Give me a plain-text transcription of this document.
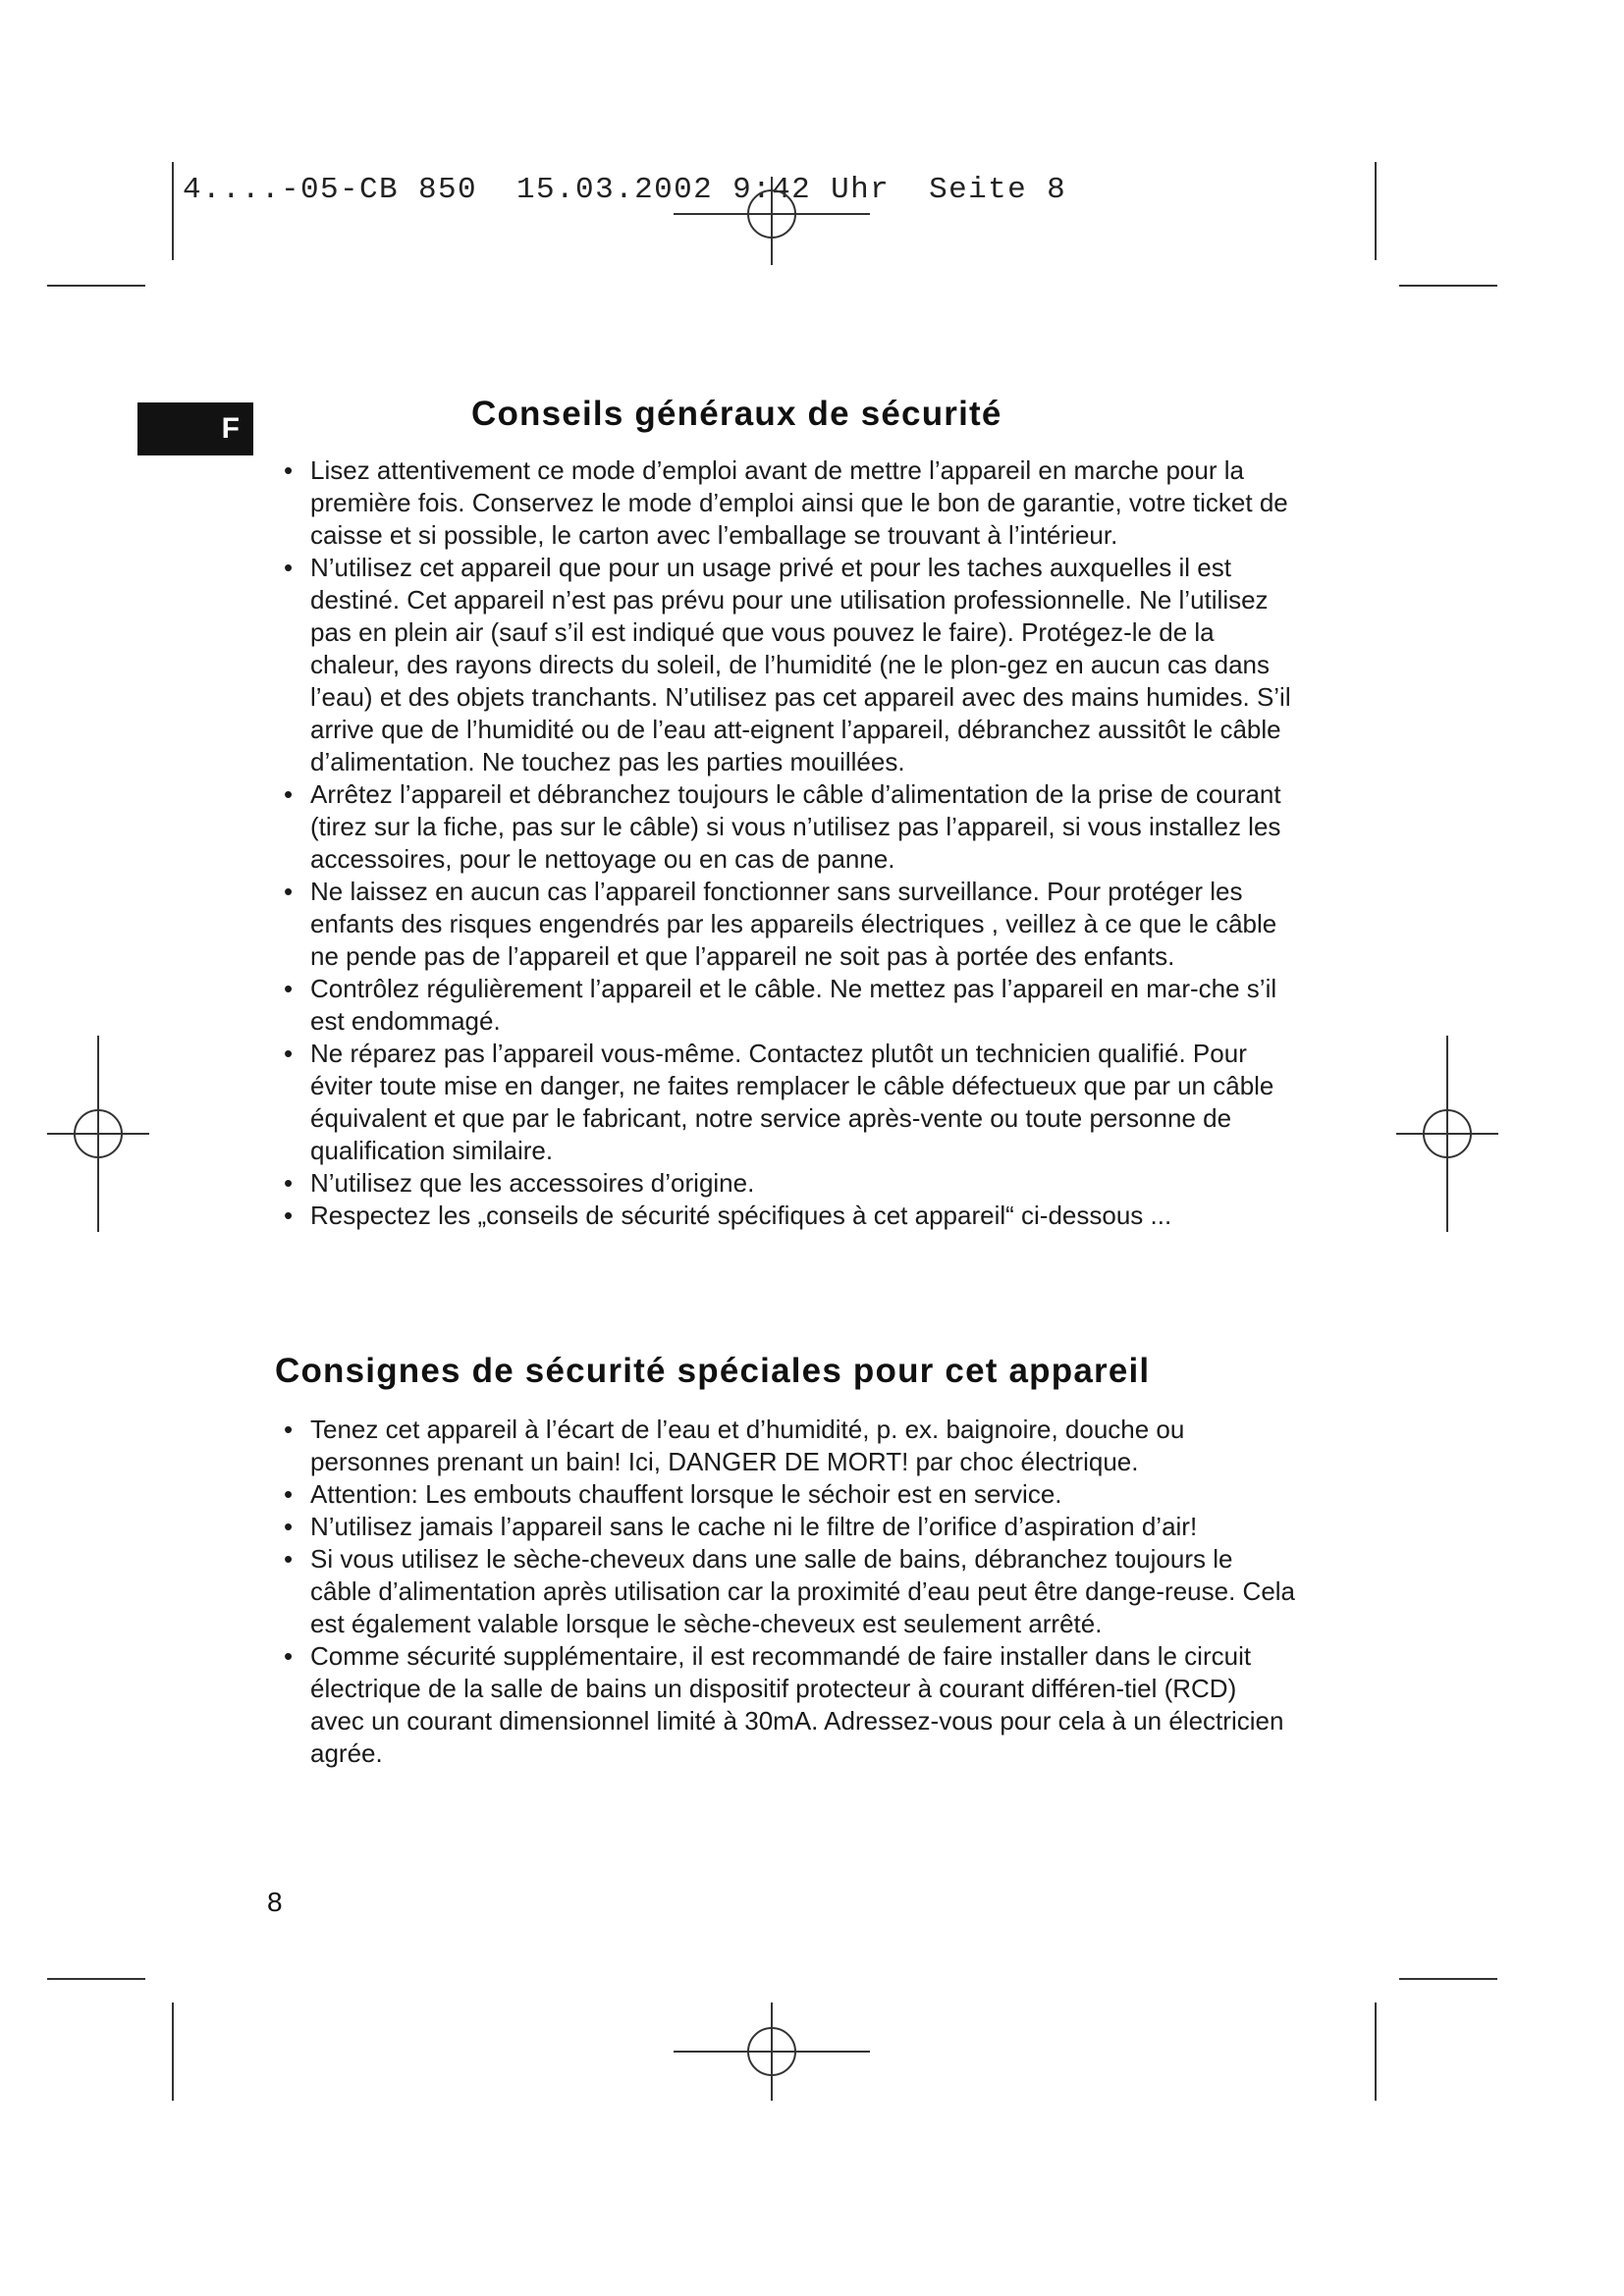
4....-05-CB 850  15.03.2002 9:42 Uhr  Seite 8

F	Conseils généraux de sécurité
• Lisez attentivement ce mode d’emploi avant de mettre l’appareil en marche pour la première fois. Conservez le mode d’emploi ainsi que le bon de garantie, votre ticket de caisse et si possible, le carton avec l’emballage se trouvant à l’intérieur.
• N’utilisez cet appareil que pour un usage privé et pour les taches auxquelles il est destiné. Cet appareil n’est pas prévu pour une utilisation professionnelle. Ne l’utilisez pas en plein air (sauf s’il est indiqué que vous pouvez le faire). Protégez-le de la chaleur, des rayons directs du soleil, de l’humidité (ne le plon-gez en aucun cas dans l’eau) et des objets tranchants. N’utilisez pas cet appareil avec des mains humides. S’il arrive que de l’humidité ou de l’eau att-eignent l’appareil, débranchez aussitôt le câble d’alimentation. Ne touchez pas les parties mouillées.
• Arrêtez l’appareil et débranchez toujours le câble d’alimentation de la prise de courant (tirez sur la fiche, pas sur le câble) si vous n’utilisez pas l’appareil, si vous installez les accessoires, pour le nettoyage ou en cas de panne.
• Ne laissez en aucun cas l’appareil fonctionner sans surveillance. Pour protéger les enfants des risques engendrés par les appareils électriques , veillez à ce que le câble ne pende pas de l’appareil et que l’appareil ne soit pas à portée des enfants.
• Contrôlez régulièrement l’appareil et le câble. Ne mettez pas l’appareil en mar-che s’il est endommagé.
• Ne réparez pas l’appareil vous-même. Contactez plutôt un technicien qualifié. Pour éviter toute mise en danger, ne faites remplacer le câble défectueux que par un câble équivalent et que par le fabricant, notre service après-vente ou toute personne de qualification similaire.
• N’utilisez que les accessoires d’origine.
• Respectez les „conseils de sécurité spécifiques à cet appareil“ ci-dessous ...
Consignes de sécurité spéciales pour cet appareil
• Tenez cet appareil à l’écart de l’eau et d’humidité, p. ex. baignoire, douche ou personnes prenant un bain! Ici, DANGER DE MORT! par choc électrique.
• Attention: Les embouts chauffent lorsque le séchoir est en service.
• N’utilisez jamais l’appareil sans le cache ni le filtre de l’orifice d’aspiration d’air!
• Si vous utilisez le sèche-cheveux dans une salle de bains, débranchez toujours le câble d’alimentation après utilisation car la proximité d’eau peut être dange-reuse. Cela est également valable lorsque le sèche-cheveux est seulement arrêté.
• Comme sécurité supplémentaire, il est recommandé de faire installer dans le circuit électrique de la salle de bains un dispositif protecteur à courant différen-tiel (RCD) avec un courant dimensionnel limité à 30mA. Adressez-vous pour cela à un électricien agrée.

8
